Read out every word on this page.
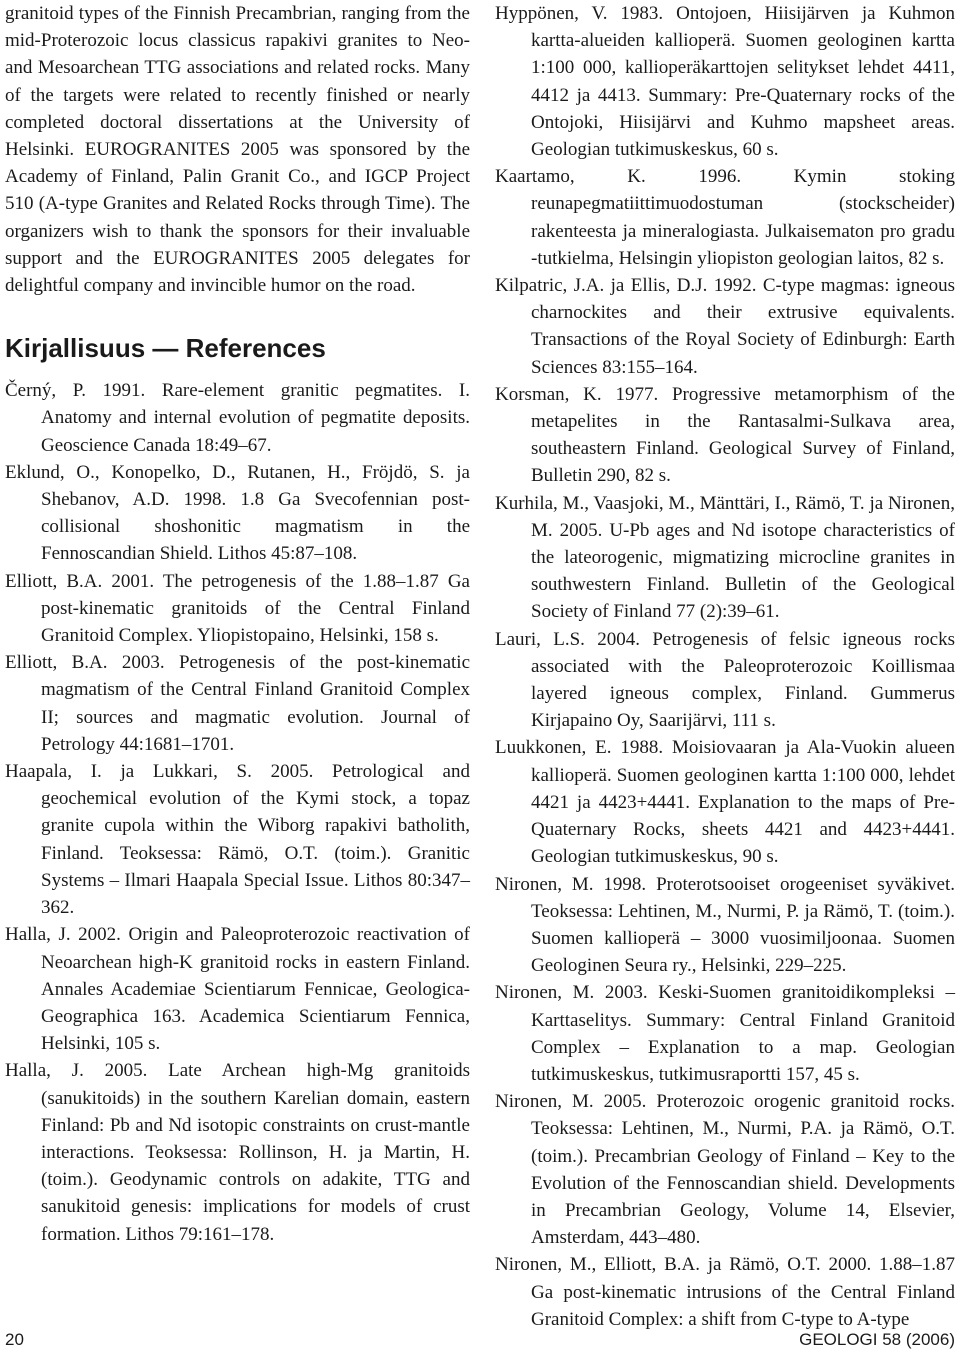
granitoid types of the Finnish Precambrian, ranging from the mid-Proterozoic locus classicus rapakivi granites to Neo- and Mesoarchean TTG associations and related rocks. Many of the targets were related to recently finished or nearly completed doctoral dissertations at the University of Helsinki. EUROGRANITES 2005 was sponsored by the Academy of Finland, Palin Granit Co., and IGCP Project 510 (A-type Granites and Related Rocks through Time). The organizers wish to thank the sponsors for their invaluable support and the EUROGRANITES 2005 delegates for delightful company and invincible humor on the road.

Kirjallisuus — References

Černý, P. 1991. Rare-element granitic pegmatites. I. Anatomy and internal evolution of pegmatite deposits. Geoscience Canada 18:49–67.

Eklund, O., Konopelko, D., Rutanen, H., Fröjdö, S. ja Shebanov, A.D. 1998. 1.8 Ga Svecofennian post-collisional shoshonitic magmatism in the Fennoscandian Shield. Lithos 45:87–108.

Elliott, B.A. 2001. The petrogenesis of the 1.88–1.87 Ga post-kinematic granitoids of the Central Finland Granitoid Complex. Yliopistopaino, Helsinki, 158 s.

Elliott, B.A. 2003. Petrogenesis of the post-kinematic magmatism of the Central Finland Granitoid Complex II; sources and magmatic evolution. Journal of Petrology 44:1681–1701.

Haapala, I. ja Lukkari, S. 2005. Petrological and geochemical evolution of the Kymi stock, a topaz granite cupola within the Wiborg rapakivi batholith, Finland. Teoksessa: Rämö, O.T. (toim.). Granitic Systems – Ilmari Haapala Special Issue. Lithos 80:347–362.

Halla, J. 2002. Origin and Paleoproterozoic reactivation of Neoarchean high-K granitoid rocks in eastern Finland. Annales Academiae Scientiarum Fennicae, Geologica-Geographica 163. Academica Scientiarum Fennica, Helsinki, 105 s.

Halla, J. 2005. Late Archean high-Mg granitoids (sanukitoids) in the southern Karelian domain, eastern Finland: Pb and Nd isotopic constraints on crust-mantle interactions. Teoksessa: Rollinson, H. ja Martin, H. (toim.). Geodynamic controls on adakite, TTG and sanukitoid genesis: implications for models of crust formation. Lithos 79:161–178.

Hyppönen, V. 1983. Ontojoen, Hiisijärven ja Kuhmon kartta-alueiden kallioperä. Suomen geologinen kartta 1:100 000, kallioperäkarttojen selitykset lehdet 4411, 4412 ja 4413. Summary: Pre-Quaternary rocks of the Ontojoki, Hiisijärvi and Kuhmo mapsheet areas. Geologian tutkimuskeskus, 60 s.

Kaartamo, K. 1996. Kymin stoking reunapegmatiittimuodostuman (stockscheider) rakenteesta ja mineralogiasta. Julkaisematon pro gradu -tutkielma, Helsingin yliopiston geologian laitos, 82 s.

Kilpatric, J.A. ja Ellis, D.J. 1992. C-type magmas: igneous charnockites and their extrusive equivalents. Transactions of the Royal Society of Edinburgh: Earth Sciences 83:155–164.

Korsman, K. 1977. Progressive metamorphism of the metapelites in the Rantasalmi-Sulkava area, southeastern Finland. Geological Survey of Finland, Bulletin 290, 82 s.

Kurhila, M., Vaasjoki, M., Mänttäri, I., Rämö, T. ja Nironen, M. 2005. U-Pb ages and Nd isotope characteristics of the lateorogenic, migmatizing microcline granites in southwestern Finland. Bulletin of the Geological Society of Finland 77 (2):39–61.

Lauri, L.S. 2004. Petrogenesis of felsic igneous rocks associated with the Paleoproterozoic Koillismaa layered igneous complex, Finland. Gummerus Kirjapaino Oy, Saarijärvi, 111 s.

Luukkonen, E. 1988. Moisiovaaran ja Ala-Vuokin alueen kallioperä. Suomen geologinen kartta 1:100 000, lehdet 4421 ja 4423+4441. Explanation to the maps of Pre-Quaternary Rocks, sheets 4421 and 4423+4441. Geologian tutkimuskeskus, 90 s.

Nironen, M. 1998. Proterotsooiset orogeeniset syväkivet. Teoksessa: Lehtinen, M., Nurmi, P. ja Rämö, T. (toim.). Suomen kallioperä – 3000 vuosimiljoonaa. Suomen Geologinen Seura ry., Helsinki, 229–225.

Nironen, M. 2003. Keski-Suomen granitoidikompleksi – Karttaselitys. Summary: Central Finland Granitoid Complex – Explanation to a map. Geologian tutkimuskeskus, tutkimusraportti 157, 45 s.

Nironen, M. 2005. Proterozoic orogenic granitoid rocks. Teoksessa: Lehtinen, M., Nurmi, P.A. ja Rämö, O.T. (toim.). Precambrian Geology of Finland – Key to the Evolution of the Fennoscandian shield. Developments in Precambrian Geology, Volume 14, Elsevier, Amsterdam, 443–480.

Nironen, M., Elliott, B.A. ja Rämö, O.T. 2000. 1.88–1.87 Ga post-kinematic intrusions of the Central Finland Granitoid Complex: a shift from C-type to A-type

20	GEOLOGI 58 (2006)
